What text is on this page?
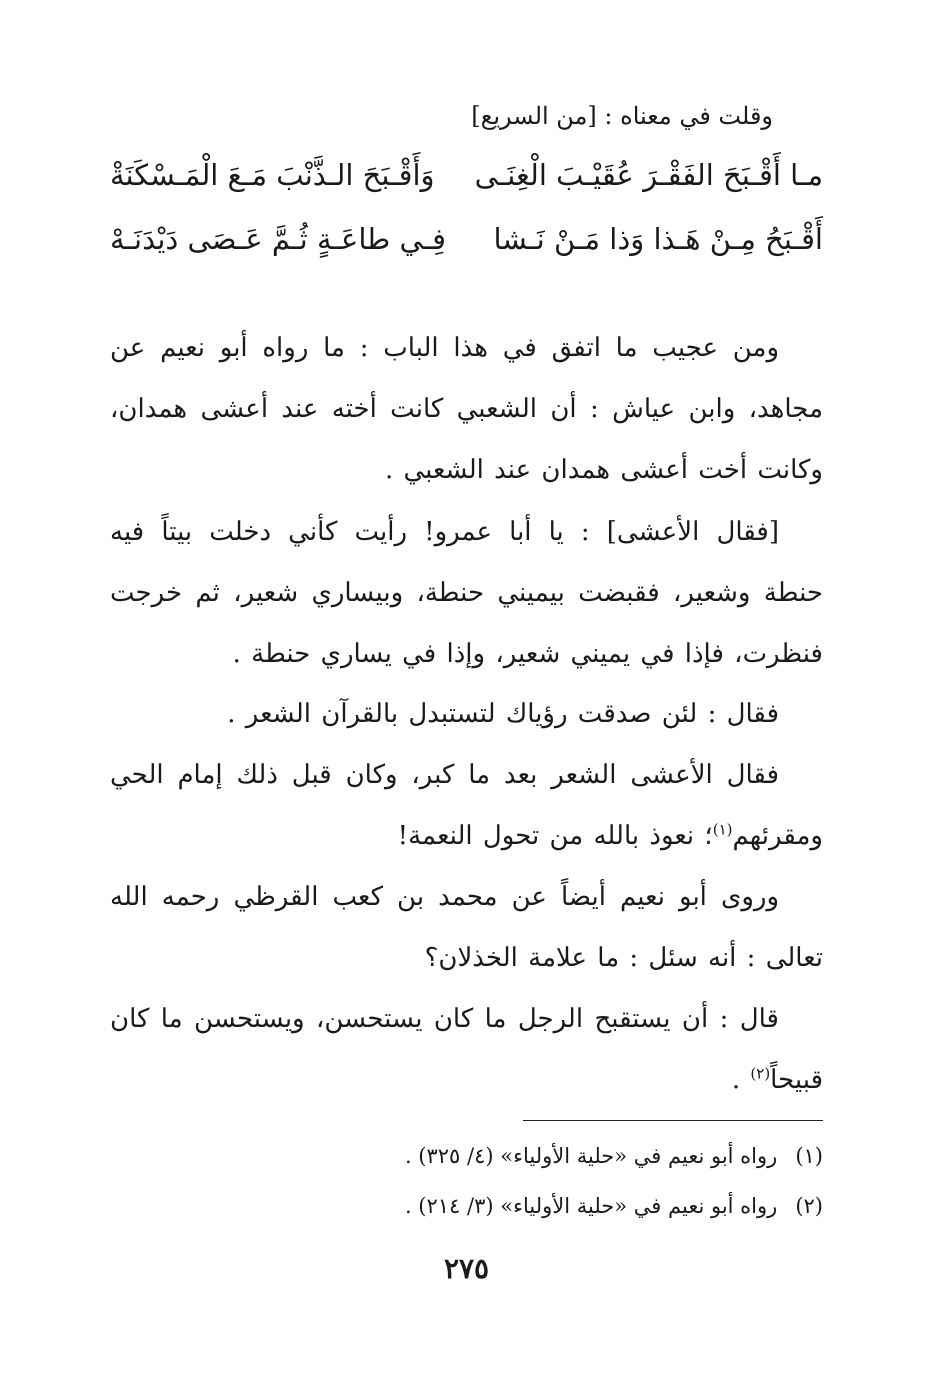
وقلت في معناه : [من السريع]
مـا أَقْـبَحَ الفَقْـرَ عُقَيْـبَ الْغِنَـى
وَأَقْـبَحَ الـذَّنْبَ مَـعَ الْمَـسْكَنَةْ
أَقْـبَحُ مِـنْ هَـذا وَذا مَـنْ نَـشا
فِـي طاعَـةٍ ثُـمَّ عَـصَى دَيْدَنَـهْ

ومن عجيب ما اتفق في هذا الباب : ما رواه أبو نعيم عن مجاهد، وابن عياش : أن الشعبي كانت أخته عند أعشى همدان، وكانت أخت أعشى همدان عند الشعبي .

[فقال الأعشى] : يا أبا عمرو! رأيت كأني دخلت بيتاً فيه حنطة وشعير، فقبضت بيميني حنطة، وبيساري شعير، ثم خرجت فنظرت، فإذا في يميني شعير، وإذا في يساري حنطة .

فقال : لئن صدقت رؤياك لتستبدل بالقرآن الشعر .

فقال الأعشى الشعر بعد ما كبر، وكان قبل ذلك إمام الحي ومقرئهم$^{(١)}$؛ نعوذ بالله من تحول النعمة!

وروى أبو نعيم أيضاً عن محمد بن كعب القرظي رحمه الله تعالى : أنه سئل : ما علامة الخذلان؟

قال : أن يستقبح الرجل ما كان يستحسن، ويستحسن ما كان قبيحاً$^{(٢)}$ .

(١)رواه أبو نعيم في «حلية الأولياء» (٤/ ٣٢٥) .
(٢)رواه أبو نعيم في «حلية الأولياء» (٣/ ٢١٤) .
٢٧٥
